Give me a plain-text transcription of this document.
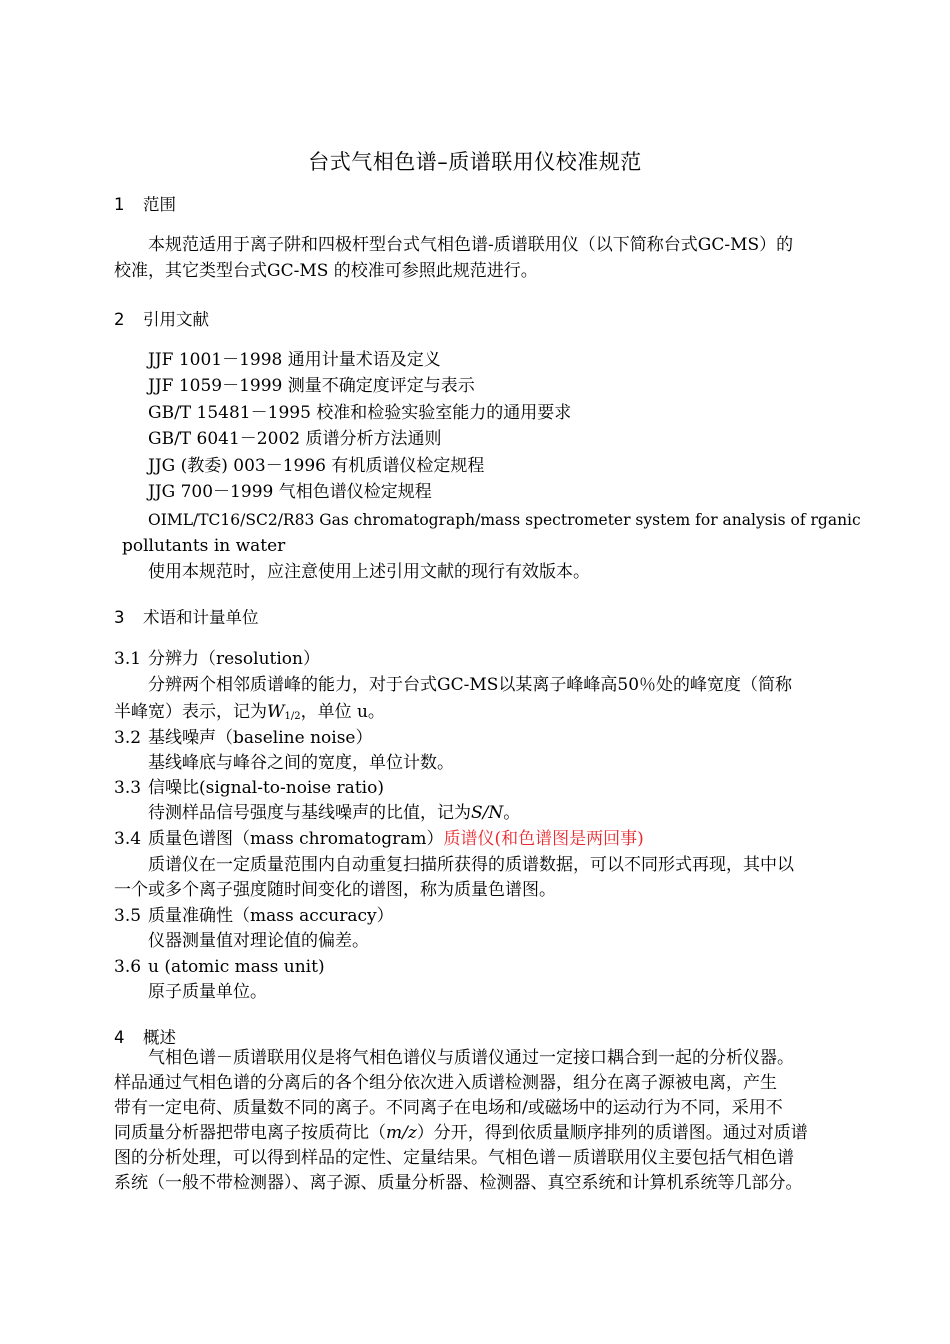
台式气相色谱–质谱联用仪校准规范
1 范围
本规范适用于离子阱和四极杆型台式气相色谱-质谱联用仪（以下简称台式GC-MS）的
校准，其它类型台式GC-MS 的校准可参照此规范进行。
2 引用文献
JJF 1001－1998 通用计量术语及定义
JJF 1059－1999 测量不确定度评定与表示
GB/T 15481－1995 校准和检验实验室能力的通用要求
GB/T 6041－2002 质谱分析方法通则
JJG (教委) 003－1996 有机质谱仪检定规程
JJG 700－1999 气相色谱仪检定规程
OIML/TC16/SC2/R83 Gas chromatograph/mass spectrometer system for analysis of rganic
pollutants in water
使用本规范时，应注意使用上述引用文献的现行有效版本。
3 术语和计量单位
3.1 分辨力（resolution）
分辨两个相邻质谱峰的能力，对于台式GC-MS以某离子峰峰高50％处的峰宽度（简称
半峰宽）表示，记为$W_{1/2}$，单位 u。
3.2 基线噪声（baseline noise）
基线峰底与峰谷之间的宽度，单位计数。
3.3 信噪比(signal-to-noise ratio)
待测样品信号强度与基线噪声的比值，记为S/N。
3.4 质量色谱图（mass chromatogram）质谱仪(和色谱图是两回事)
质谱仪在一定质量范围内自动重复扫描所获得的质谱数据，可以不同形式再现，其中以
一个或多个离子强度随时间变化的谱图，称为质量色谱图。
3.5 质量准确性（mass accuracy）
仪器测量值对理论值的偏差。
3.6 u (atomic mass unit)
原子质量单位。
4 概述
气相色谱－质谱联用仪是将气相色谱仪与质谱仪通过一定接口耦合到一起的分析仪器。
样品通过气相色谱的分离后的各个组分依次进入质谱检测器，组分在离子源被电离，产生
带有一定电荷、质量数不同的离子。不同离子在电场和/或磁场中的运动行为不同，采用不
同质量分析器把带电离子按质荷比（m/z）分开，得到依质量顺序排列的质谱图。通过对质谱
图的分析处理，可以得到样品的定性、定量结果。气相色谱－质谱联用仪主要包括气相色谱
系统（一般不带检测器）、离子源、质量分析器、检测器、真空系统和计算机系统等几部分。
